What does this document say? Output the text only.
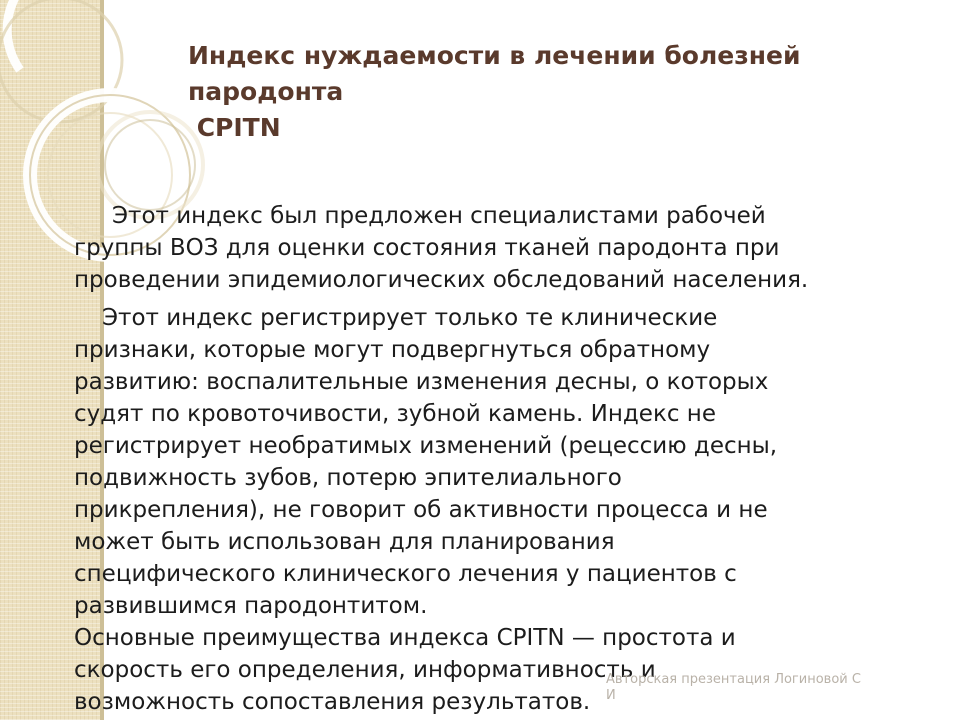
Индекс нуждаемости в лечении болезней
пародонта
CPITN

Этот индекс был предложен специалистами рабочей

группы ВОЗ для оценки состояния тканей пародонта при

проведении эпидемиологических обследований населения.

Этот индекс регистрирует только те клинические

признаки, которые могут подвергнуться обратному

развитию: воспалительные изменения десны, о которых

судят по кровоточивости, зубной камень. Индекс не

регистрирует необратимых изменений (рецессию десны,

подвижность зубов, потерю эпителиального

прикрепления), не говорит об активности процесса и не

может быть использован для планирования

специфического клинического лечения у пациентов с

развившимся пародонтитом.

Основные преимущества индекса CPITN — простота и

скорость его определения, информативность и

возможность сопоставления результатов.

Авторская презентация Логиновой С
И
